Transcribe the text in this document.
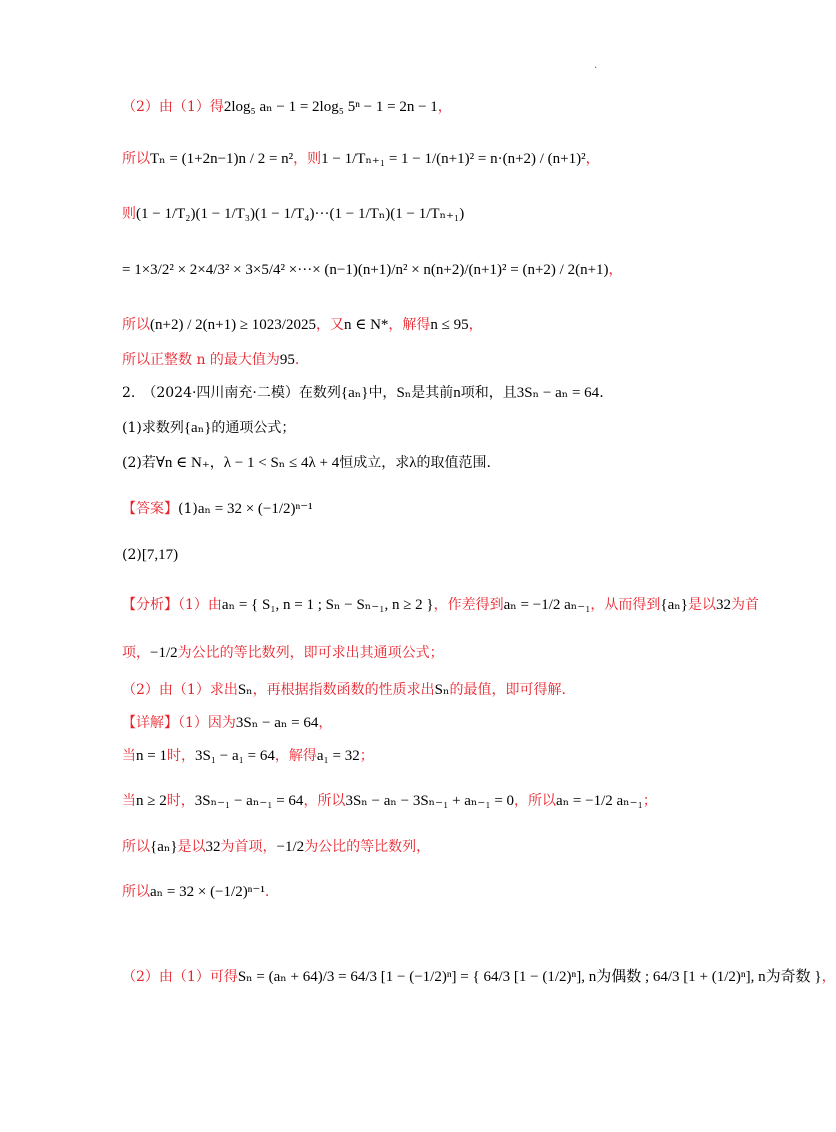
.
（2）由（1）得2log₅ aₙ − 1 = 2log₅ 5ⁿ − 1 = 2n − 1，
所以Tₙ = (1+2n−1)n / 2 = n²，则1 − 1/Tₙ₊₁ = 1 − 1/(n+1)² = n·(n+2) / (n+1)²，
则(1 − 1/T₂)(1 − 1/T₃)(1 − 1/T₄)···(1 − 1/Tₙ)(1 − 1/Tₙ₊₁)
= 1×3/2² × 2×4/3² × 3×5/4² ×···× (n−1)(n+1)/n² × n(n+2)/(n+1)² = (n+2) / 2(n+1)，
所以(n+2) / 2(n+1) ≥ 1023/2025，又n ∈ N*，解得n ≤ 95，
所以正整数 n 的最大值为95.
2.　（2024·四川南充·二模）在数列{aₙ}中，Sₙ是其前n项和，且3Sₙ − aₙ = 64.
(1)求数列{aₙ}的通项公式；
(2)若∀n ∈ N₊，λ − 1 < Sₙ ≤ 4λ + 4恒成立，求λ的取值范围.
【答案】(1)aₙ = 32 × (−1/2)ⁿ⁻¹
(2)[7,17)
【分析】（1）由aₙ = { S₁, n = 1 ; Sₙ − Sₙ₋₁, n ≥ 2 }，作差得到aₙ = −1/2 aₙ₋₁，从而得到{aₙ}是以32为首
项，−1/2为公比的等比数列，即可求出其通项公式；
（2）由（1）求出Sₙ，再根据指数函数的性质求出Sₙ的最值，即可得解.
【详解】（1）因为3Sₙ − aₙ = 64，
当n = 1时，3S₁ − a₁ = 64，解得a₁ = 32；
当n ≥ 2时，3Sₙ₋₁ − aₙ₋₁ = 64，所以3Sₙ − aₙ − 3Sₙ₋₁ + aₙ₋₁ = 0，所以aₙ = −1/2 aₙ₋₁；
所以{aₙ}是以32为首项，−1/2为公比的等比数列，
所以aₙ = 32 × (−1/2)ⁿ⁻¹.
（2）由（1）可得Sₙ = (aₙ + 64)/3 = 64/3 [1 − (−1/2)ⁿ] = { 64/3 [1 − (1/2)ⁿ], n为偶数 ; 64/3 [1 + (1/2)ⁿ], n为奇数 }，
